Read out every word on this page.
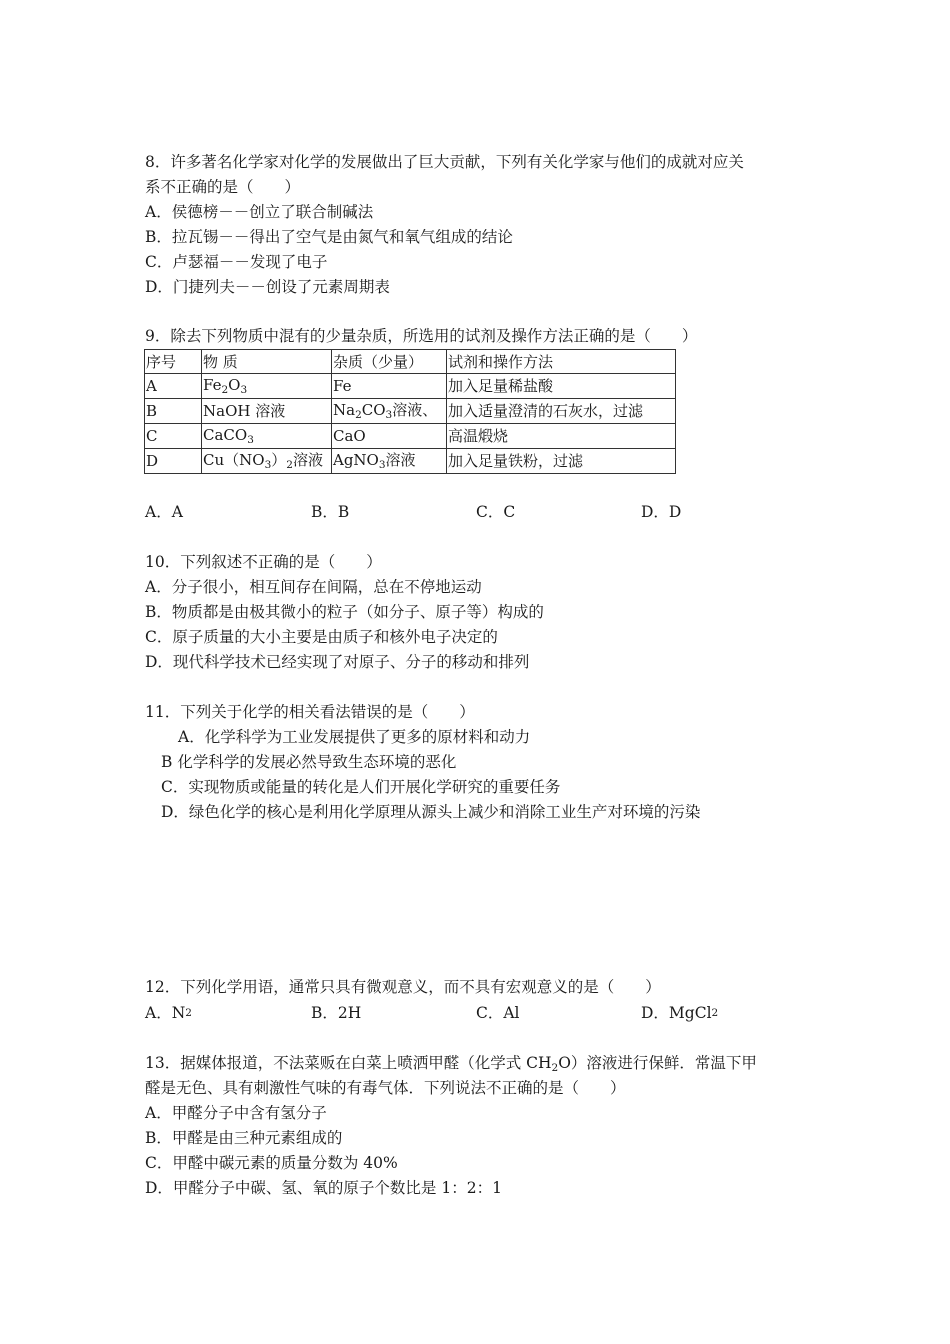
8．许多著名化学家对化学的发展做出了巨大贡献，下列有关化学家与他们的成就对应关
系不正确的是（　　）
A．侯德榜－－创立了联合制碱法
B．拉瓦锡－－得出了空气是由氮气和氧气组成的结论
C．卢瑟福－－发现了电子
D．门捷列夫－－创设了元素周期表
9．除去下列物质中混有的少量杂质，所选用的试剂及操作方法正确的是（　　）
序号	物 质	杂质（少量）	试剂和操作方法
A	$Fe_2O_3$	Fe	加入足量稀盐酸
B	NaOH 溶液	$Na_2CO_3$溶液、	加入适量澄清的石灰水，过滤
C	CaCO$_3$	CaO	高温煅烧
D	$Cu(NO_3)_2$溶液	AgNO$_3$溶液	加入足量铁粉，过滤
A．A	B．B	C．C	D．D
10．下列叙述不正确的是（　　）
A．分子很小，相互间存在间隔，总在不停地运动
B．物质都是由极其微小的粒子（如分子、原子等）构成的
C．原子质量的大小主要是由质子和核外电子决定的
D．现代科学技术已经实现了对原子、分子的移动和排列
11．下列关于化学的相关看法错误的是（　　）
A．化学科学为工业发展提供了更多的原材料和动力
B 化学科学的发展必然导致生态环境的恶化
C．实现物质或能量的转化是人们开展化学研究的重要任务
D．绿色化学的核心是利用化学原理从源头上减少和消除工业生产对环境的污染
12．下列化学用语，通常只具有微观意义，而不具有宏观意义的是（　　）
A．N 2	B．2H	C．Al	D．MgCl 2
13．据媒体报道，不法菜贩在白菜上喷洒甲醛（化学式 CH2O）溶液进行保鲜．常温下甲
醛是无色、具有刺激性气味的有毒气体．下列说法不正确的是（　　）
A．甲醛分子中含有氢分子
B．甲醛是由三种元素组成的
C．甲醛中碳元素的质量分数为 40%
D．甲醛分子中碳、氢、氧的原子个数比是 1：2：1
